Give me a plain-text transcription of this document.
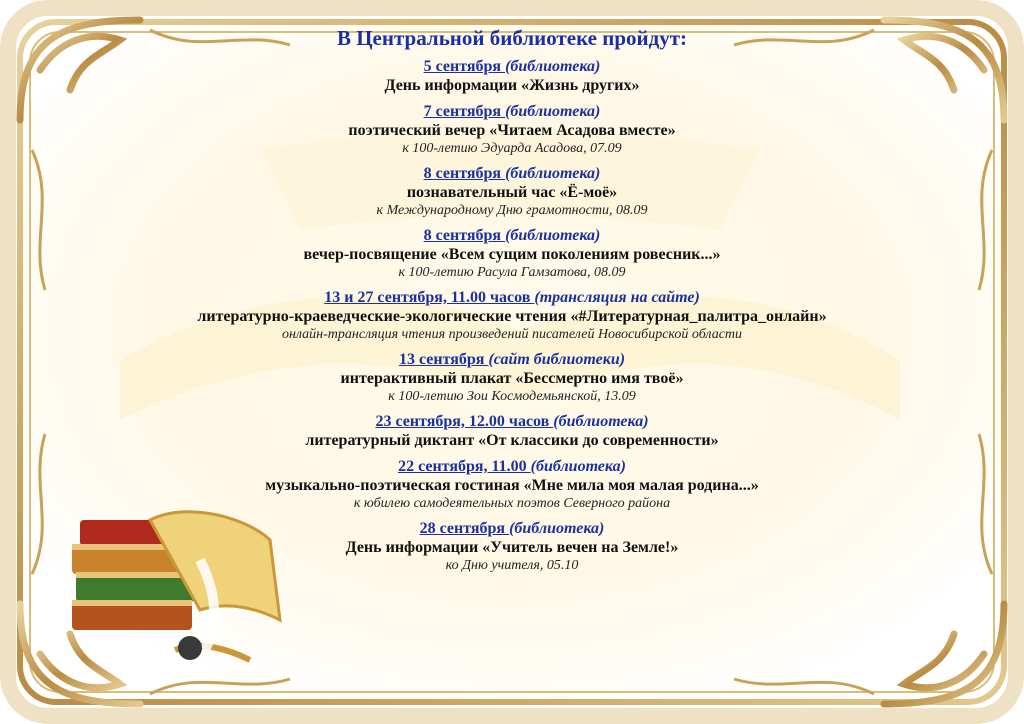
В Центральной библиотеке пройдут:
5 сентября (библиотека)
День информации «Жизнь других»
7 сентября (библиотека)
поэтический вечер «Читаем Асадова вместе»
к 100-летию Эдуарда Асадова, 07.09
8 сентября (библиотека)
познавательный час «Ё-моё»
к Международному Дню грамотности, 08.09
8 сентября (библиотека)
вечер-посвящение «Всем сущим поколениям ровесник...»
к 100-летию Расула Гамзатова, 08.09
13 и 27 сентября, 11.00 часов (трансляция на сайте)
литературно-краеведческие-экологические чтения «#Литературная_палитра_онлайн»
онлайн-трансляция чтения произведений писателей Новосибирской области
13 сентября (сайт библиотеки)
интерактивный плакат «Бессмертно имя твоё»
к 100-летию Зои Космодемьянской, 13.09
23 сентября, 12.00 часов (библиотека)
литературный диктант «От классики до современности»
22 сентября, 11.00 (библиотека)
музыкально-поэтическая гостиная «Мне мила моя малая родина...»
к юбилею самодеятельных поэтов Северного района
28 сентября (библиотека)
День информации «Учитель вечен на Земле!»
ко Дню учителя, 05.10
